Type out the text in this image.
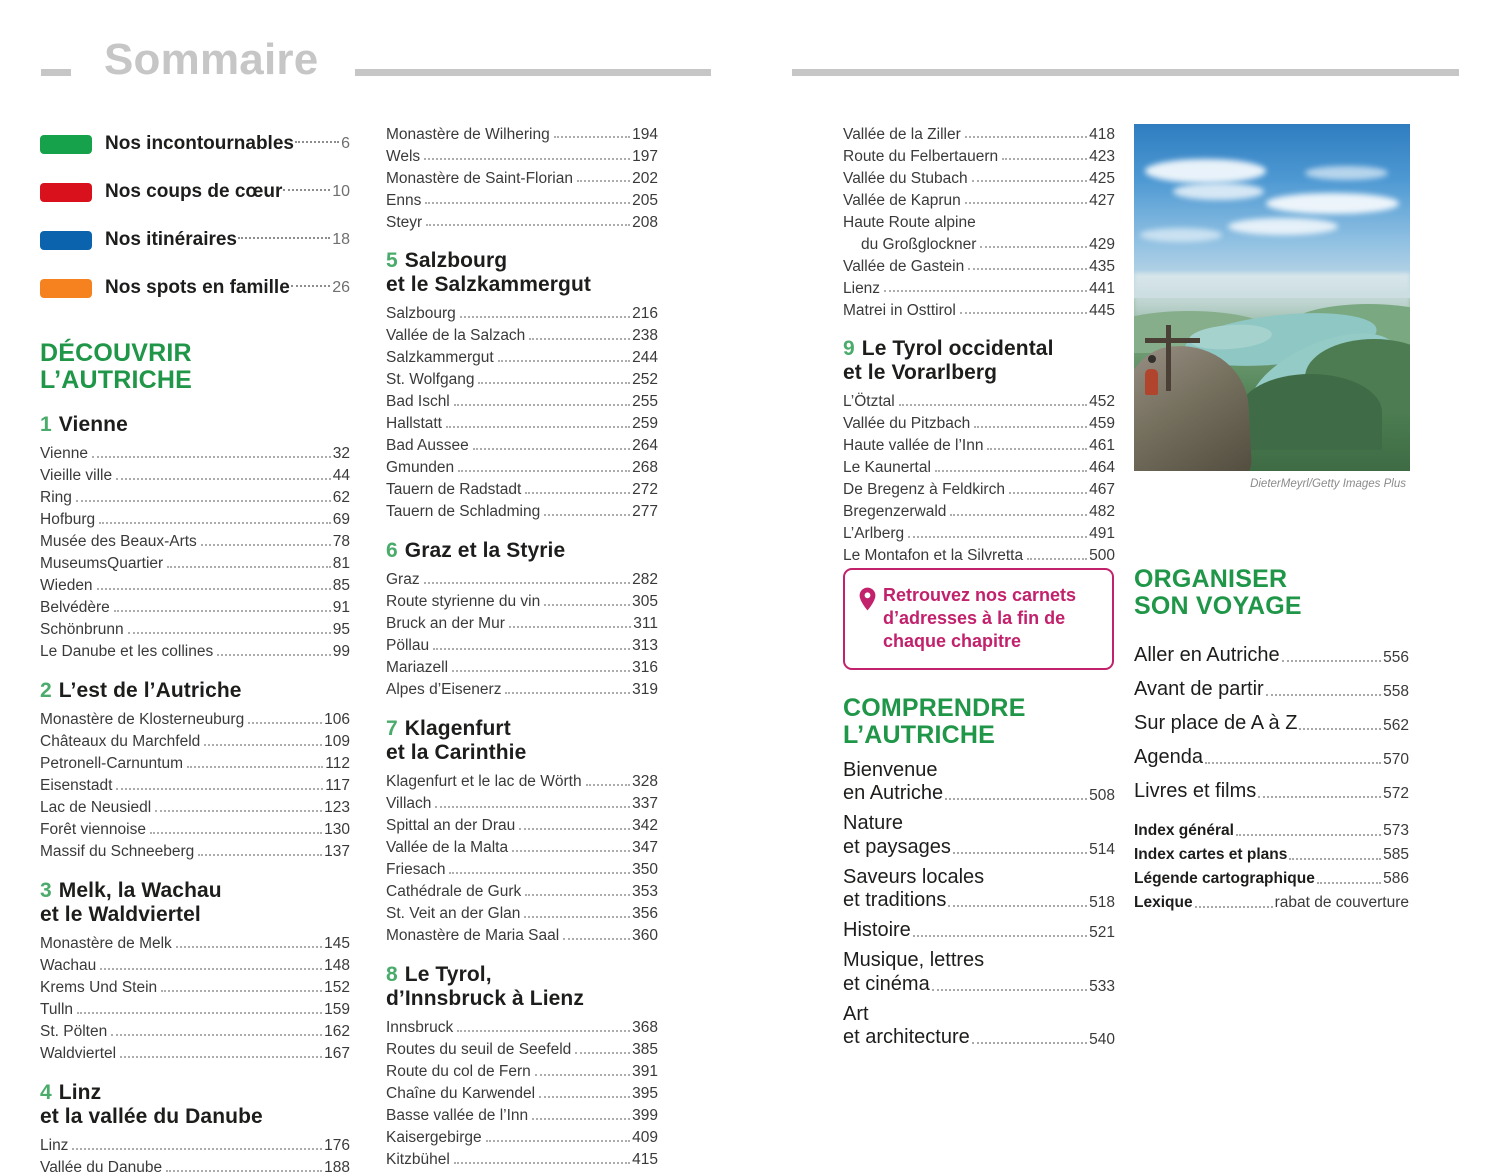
Sommaire
Nos incontournables	6
Nos coups de cœur	10
Nos itinéraires	18
Nos spots en famille	26
DÉCOUVRIR
L’AUTRICHE
1 Vienne
Vienne	32
Vieille ville	44
Ring	62
Hofburg	69
Musée des Beaux-Arts	78
MuseumsQuartier	81
Wieden	85
Belvédère	91
Schönbrunn	95
Le Danube et les collines	99
2 L’est de l’Autriche
Monastère de Klosterneuburg	106
Châteaux du Marchfeld	109
Petronell-Carnuntum	112
Eisenstadt	117
Lac de Neusiedl	123
Forêt viennoise	130
Massif du Schneeberg	137
3 Melk, la Wachau
et le Waldviertel
Monastère de Melk	145
Wachau	148
Krems Und Stein	152
Tulln	159
St. Pölten	162
Waldviertel	167
4 Linz
et la vallée du Danube
Linz	176
Vallée du Danube	188
Monastère de Wilhering	194
Wels	197
Monastère de Saint-Florian	202
Enns	205
Steyr	208
5 Salzbourg
et le Salzkammergut
Salzbourg	216
Vallée de la Salzach	238
Salzkammergut	244
St. Wolfgang	252
Bad Ischl	255
Hallstatt	259
Bad Aussee	264
Gmunden	268
Tauern de Radstadt	272
Tauern de Schladming	277
6 Graz et la Styrie
Graz	282
Route styrienne du vin	305
Bruck an der Mur	311
Pöllau	313
Mariazell	316
Alpes d’Eisenerz	319
7 Klagenfurt
et la Carinthie
Klagenfurt et le lac de Wörth	328
Villach	337
Spittal an der Drau	342
Vallée de la Malta	347
Friesach	350
Cathédrale de Gurk	353
St. Veit an der Glan	356
Monastère de Maria Saal	360
8 Le Tyrol,
d’Innsbruck à Lienz
Innsbruck	368
Routes du seuil de Seefeld	385
Route du col de Fern	391
Chaîne du Karwendel	395
Basse vallée de l’Inn	399
Kaisergebirge	409
Kitzbühel	415
Vallée de la Ziller	418
Route du Felbertauern	423
Vallée du Stubach	425
Vallée de Kaprun	427
Haute Route alpine
du Großglockner	429
Vallée de Gastein	435
Lienz	441
Matrei in Osttirol	445
9 Le Tyrol occidental
et le Vorarlberg
L’Ötztal	452
Vallée du Pitzbach	459
Haute vallée de l’Inn	461
Le Kaunertal	464
De Bregenz à Feldkirch	467
Bregenzerwald	482
L’Arlberg	491
Le Montafon et la Silvretta	500
DieterMeyrl/Getty Images Plus
Retrouvez nos carnets d’adresses à la fin de chaque chapitre
COMPRENDRE
L’AUTRICHE
Bienvenue
en Autriche	508
Nature
et paysages	514
Saveurs locales
et traditions	518
Histoire	521
Musique, lettres
et cinéma	533
Art
et architecture	540
ORGANISER
SON VOYAGE
Aller en Autriche	556
Avant de partir	558
Sur place de A à Z	562
Agenda	570
Livres et films	572
Index général	573
Index cartes et plans	585
Légende cartographique	586
Lexique	rabat de couverture
